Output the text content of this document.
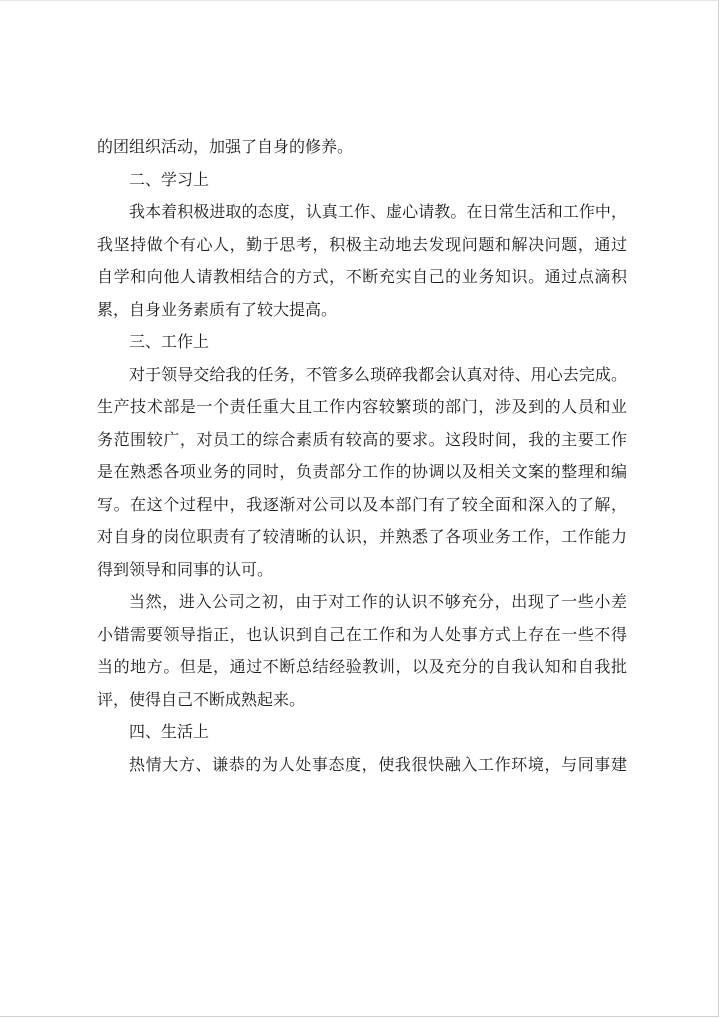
的团组织活动，加强了自身的修养。
二、学习上
我本着积极进取的态度，认真工作、虚心请教。在日常生活和工作中，
我坚持做个有心人，勤于思考，积极主动地去发现问题和解决问题，通过
自学和向他人请教相结合的方式，不断充实自己的业务知识。通过点滴积
累，自身业务素质有了较大提高。
三、工作上
对于领导交给我的任务，不管多么琐碎我都会认真对待、用心去完成。
生产技术部是一个责任重大且工作内容较繁琐的部门，涉及到的人员和业
务范围较广，对员工的综合素质有较高的要求。这段时间，我的主要工作
是在熟悉各项业务的同时，负责部分工作的协调以及相关文案的整理和编
写。在这个过程中，我逐渐对公司以及本部门有了较全面和深入的了解，
对自身的岗位职责有了较清晰的认识，并熟悉了各项业务工作，工作能力
得到领导和同事的认可。
当然，进入公司之初，由于对工作的认识不够充分，出现了一些小差
小错需要领导指正，也认识到自己在工作和为人处事方式上存在一些不得
当的地方。但是，通过不断总结经验教训，以及充分的自我认知和自我批
评，使得自己不断成熟起来。
四、生活上
热情大方、谦恭的为人处事态度，使我很快融入工作环境，与同事建
